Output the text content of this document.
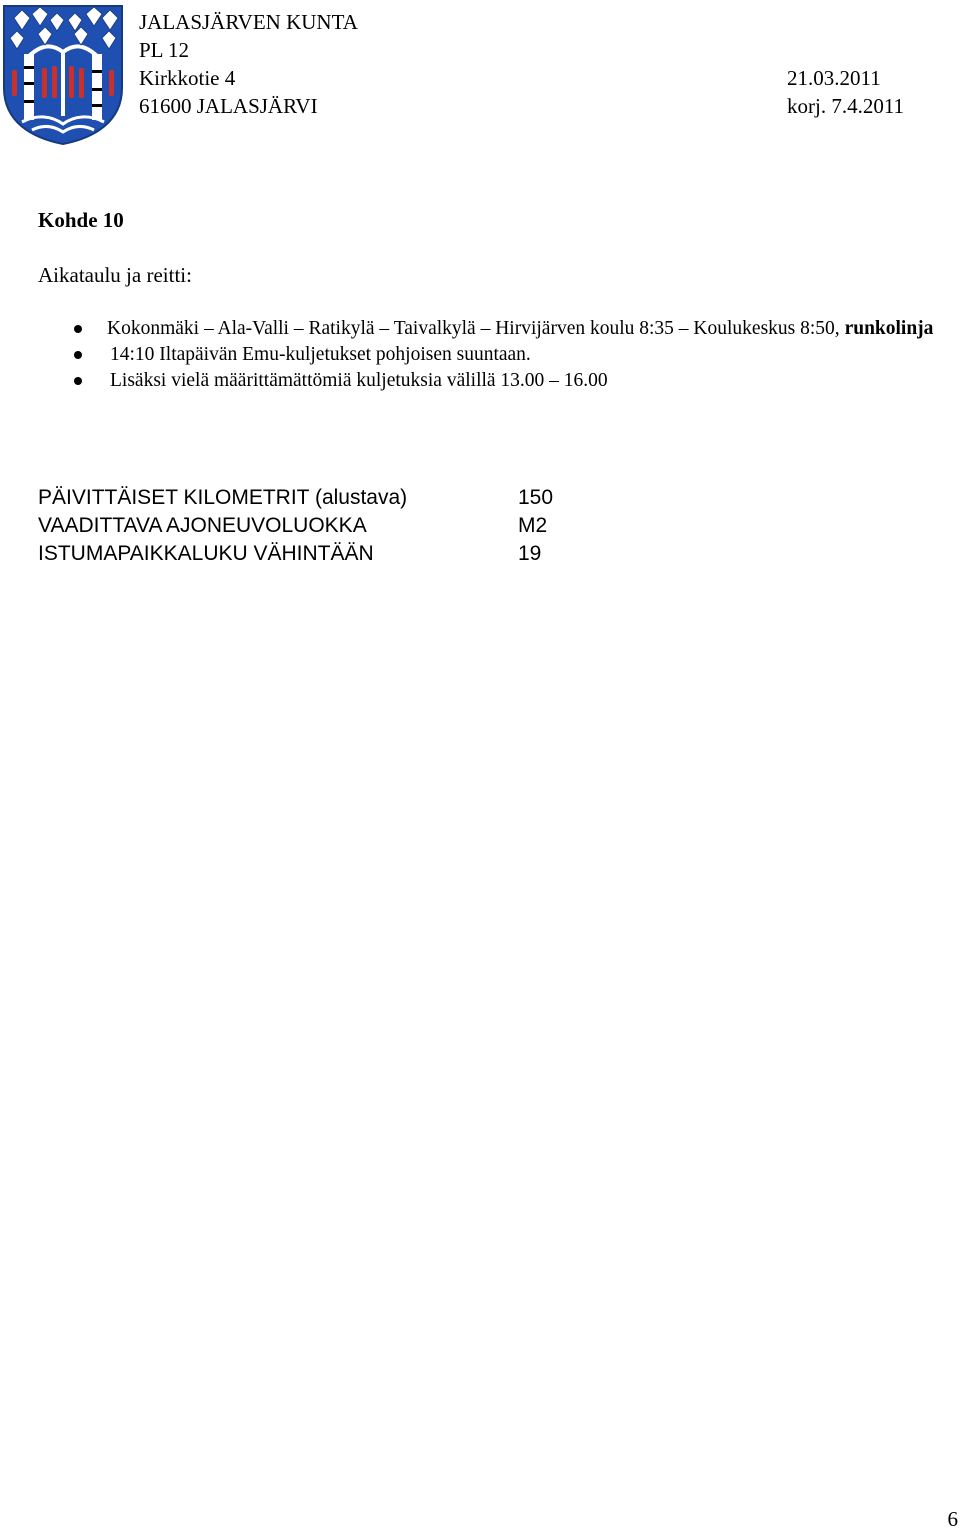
JALASJÄRVEN KUNTA
PL 12
Kirkkotie 4
61600 JALASJÄRVI
21.03.2011
korj. 7.4.2011
Kohde 10
Aikataulu ja reitti:
Kokonmäki – Ala-Valli – Ratikylä – Taivalkylä – Hirvijärven koulu 8:35 – Koulukeskus 8:50, runkolinja
14:10 Iltapäivän Emu-kuljetukset pohjoisen suuntaan.
Lisäksi vielä määrittämättömiä kuljetuksia välillä 13.00 – 16.00
PÄIVITTÄISET KILOMETRIT (alustava)	150
VAADITTAVA AJONEUVOLUOKKA	M2
ISTUMAPAIKKALUKU VÄHINTÄÄN	19
6
